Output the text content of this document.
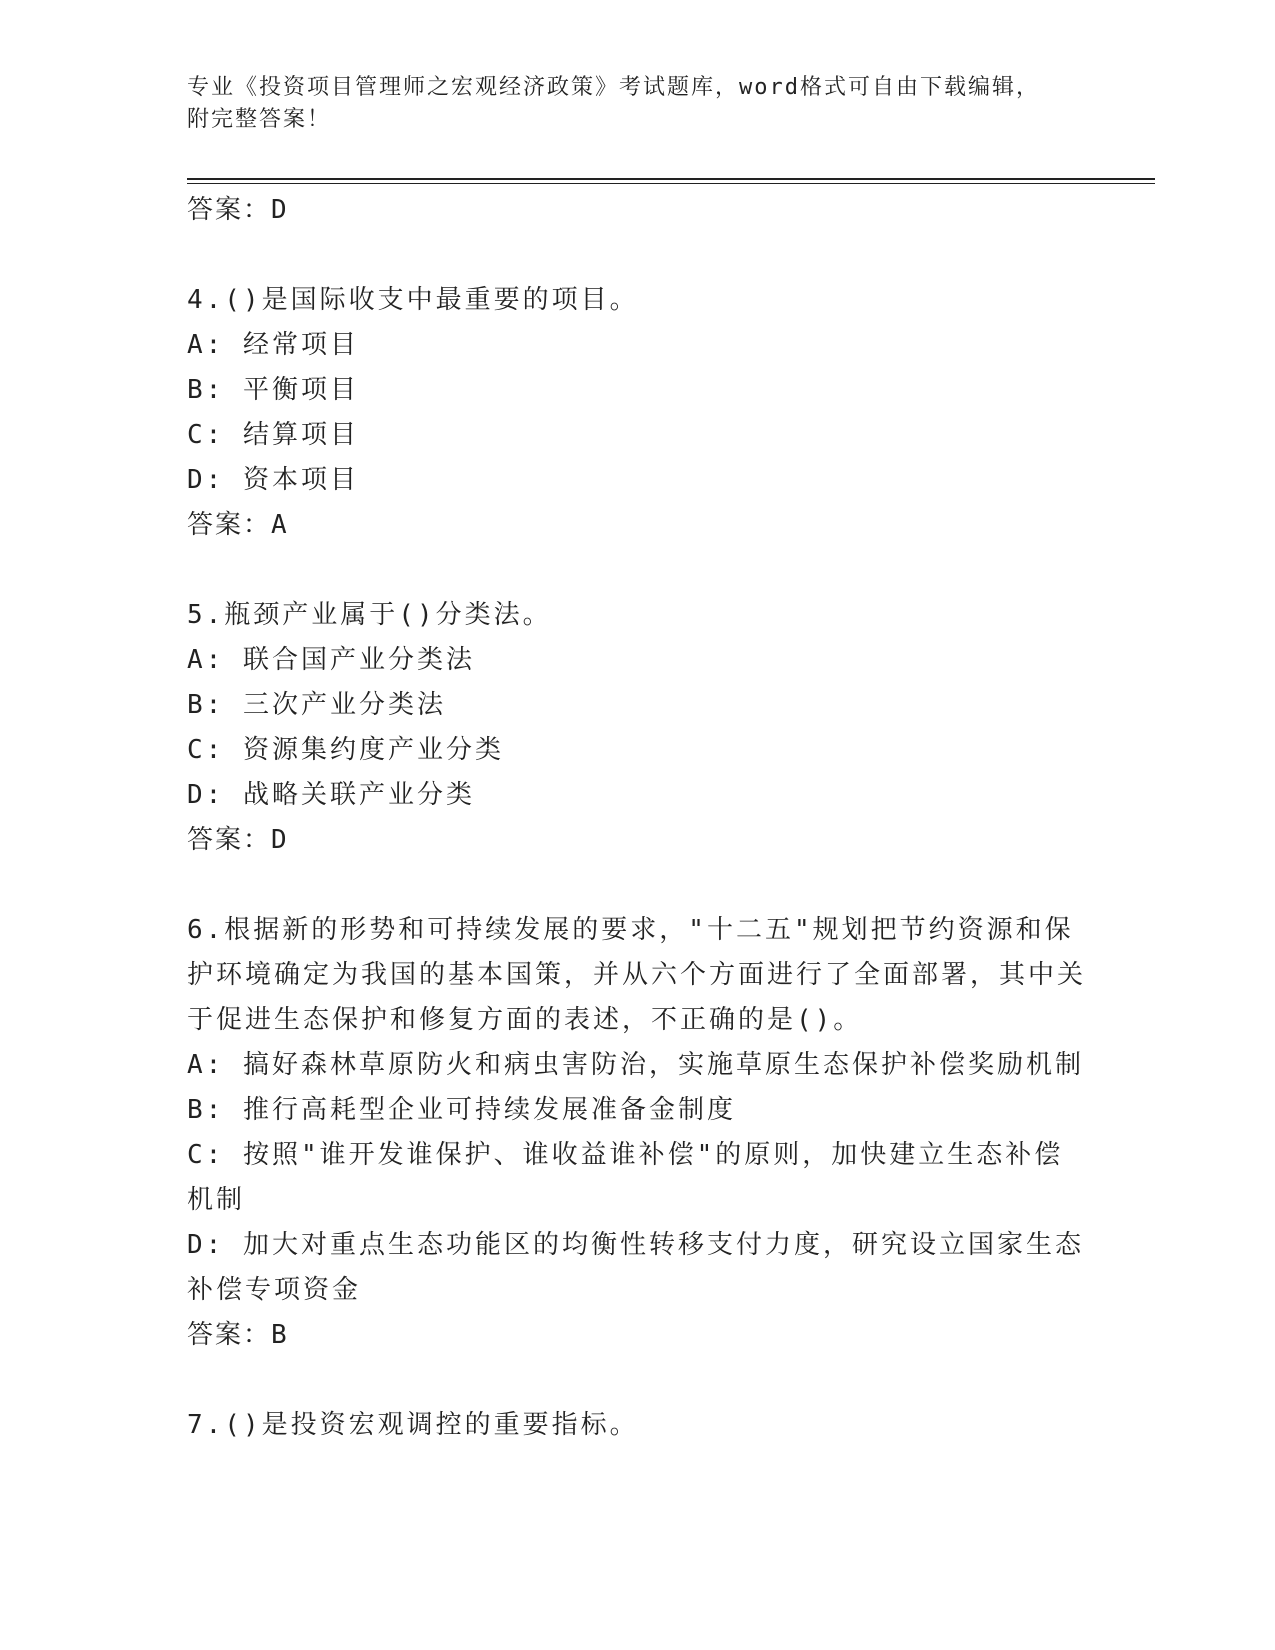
专业《投资项目管理师之宏观经济政策》考试题库，word格式可自由下载编辑，
附完整答案！

答案：D

4.()是国际收支中最重要的项目。

A: 经常项目

B: 平衡项目

C: 结算项目

D: 资本项目

答案：A

5.瓶颈产业属于()分类法。

A: 联合国产业分类法

B: 三次产业分类法

C: 资源集约度产业分类

D: 战略关联产业分类

答案：D

6.根据新的形势和可持续发展的要求，"十二五"规划把节约资源和保护环境确定为我国的基本国策，并从六个方面进行了全面部署，其中关于促进生态保护和修复方面的表述，不正确的是()。

A: 搞好森林草原防火和病虫害防治，实施草原生态保护补偿奖励机制

B: 推行高耗型企业可持续发展准备金制度

C: 按照"谁开发谁保护、谁收益谁补偿"的原则，加快建立生态补偿机制

D: 加大对重点生态功能区的均衡性转移支付力度，研究设立国家生态补偿专项资金

答案：B

7.()是投资宏观调控的重要指标。
